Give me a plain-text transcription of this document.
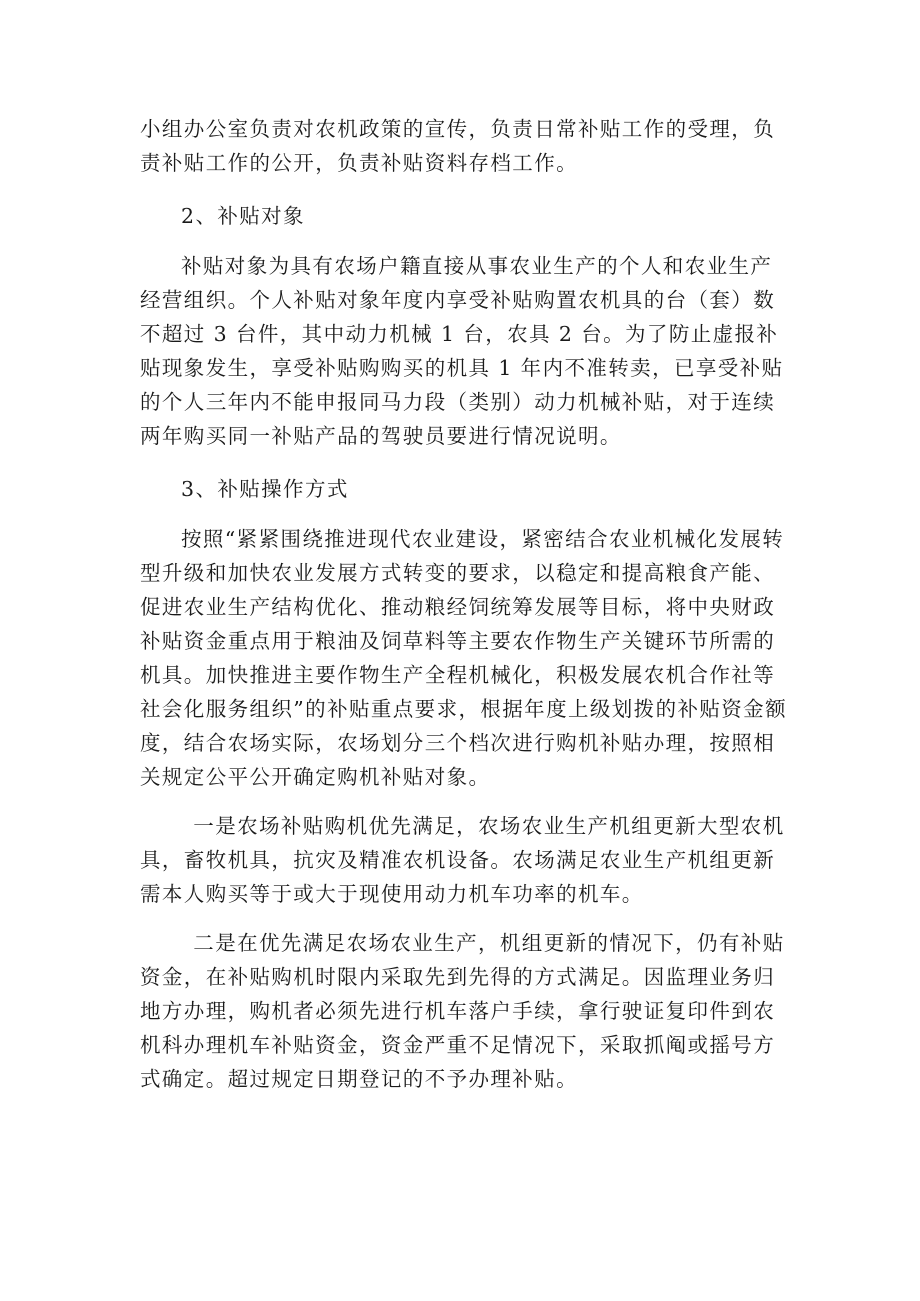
小组办公室负责对农机政策的宣传，负责日常补贴工作的受理，负责补贴工作的公开，负责补贴资料存档工作。

2、补贴对象

补贴对象为具有农场户籍直接从事农业生产的个人和农业生产经营组织。个人补贴对象年度内享受补贴购置农机具的台（套）数不超过 3 台件，其中动力机械 1 台，农具 2 台。为了防止虚报补贴现象发生，享受补贴购购买的机具 1 年内不准转卖，已享受补贴的个人三年内不能申报同马力段（类别）动力机械补贴，对于连续两年购买同一补贴产品的驾驶员要进行情况说明。

3、补贴操作方式

按照“紧紧围绕推进现代农业建设，紧密结合农业机械化发展转型升级和加快农业发展方式转变的要求，以稳定和提高粮食产能、促进农业生产结构优化、推动粮经饲统筹发展等目标，将中央财政补贴资金重点用于粮油及饲草料等主要农作物生产关键环节所需的机具。加快推进主要作物生产全程机械化，积极发展农机合作社等社会化服务组织”的补贴重点要求，根据年度上级划拨的补贴资金额度，结合农场实际，农场划分三个档次进行购机补贴办理，按照相关规定公平公开确定购机补贴对象。

一是农场补贴购机优先满足，农场农业生产机组更新大型农机具，畜牧机具，抗灾及精准农机设备。农场满足农业生产机组更新需本人购买等于或大于现使用动力机车功率的机车。

二是在优先满足农场农业生产，机组更新的情况下，仍有补贴资金，在补贴购机时限内采取先到先得的方式满足。因监理业务归地方办理，购机者必须先进行机车落户手续，拿行驶证复印件到农机科办理机车补贴资金，资金严重不足情况下，采取抓阄或摇号方式确定。超过规定日期登记的不予办理补贴。
